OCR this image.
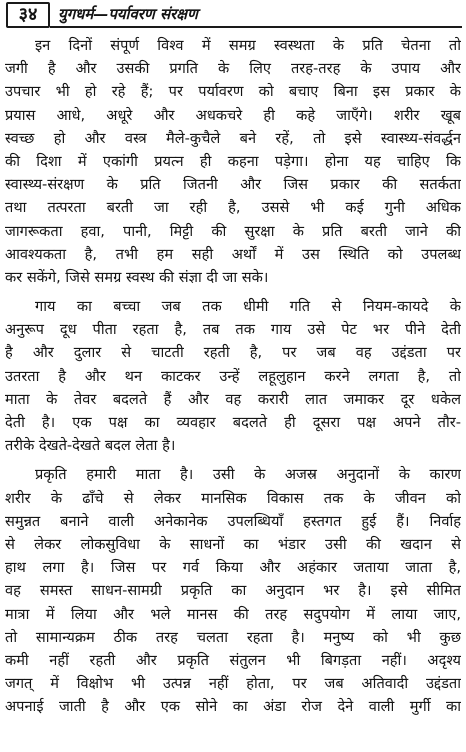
३४	युगधर्म—पर्यावरण संरक्षण
इन दिनों संपूर्ण विश्व में समग्र स्वस्थता के प्रति चेतना तो
जगी है और उसकी प्रगति के लिए तरह-तरह के उपाय और
उपचार भी हो रहे हैं; पर पर्यावरण को बचाए बिना इस प्रकार के
प्रयास आधे, अधूरे और अधकचरे ही कहे जाएँगे। शरीर खूब
स्वच्छ हो और वस्त्र मैले-कुचैले बने रहें, तो इसे स्वास्थ्य-संवर्द्धन
की दिशा में एकांगी प्रयत्न ही कहना पड़ेगा। होना यह चाहिए कि
स्वास्थ्य-संरक्षण के प्रति जितनी और जिस प्रकार की सतर्कता
तथा तत्परता बरती जा रही है, उससे भी कई गुनी अधिक
जागरूकता हवा, पानी, मिट्टी की सुरक्षा के प्रति बरती जाने की
आवश्यकता है, तभी हम सही अर्थों में उस स्थिति को उपलब्ध
कर सकेंगे, जिसे समग्र स्वस्थ की संज्ञा दी जा सके।
गाय का बच्चा जब तक धीमी गति से नियम-कायदे के
अनुरूप दूध पीता रहता है, तब तक गाय उसे पेट भर पीने देती
है और दुलार से चाटती रहती है, पर जब वह उद्दंडता पर
उतरता है और थन काटकर उन्हें लहूलुहान करने लगता है, तो
माता के तेवर बदलते हैं और वह करारी लात जमाकर दूर धकेल
देती है। एक पक्ष का व्यवहार बदलते ही दूसरा पक्ष अपने तौर-
तरीके देखते-देखते बदल लेता है।
प्रकृति हमारी माता है। उसी के अजस्र अनुदानों के कारण
शरीर के ढाँचे से लेकर मानसिक विकास तक के जीवन को
समुन्नत बनाने वाली अनेकानेक उपलब्धियाँ हस्तगत हुई हैं। निर्वाह
से लेकर लोकसुविधा के साधनों का भंडार उसी की खदान से
हाथ लगा है। जिस पर गर्व किया और अहंकार जताया जाता है,
वह समस्त साधन-सामग्री प्रकृति का अनुदान भर है। इसे सीमित
मात्रा में लिया और भले मानस की तरह सदुपयोग में लाया जाए,
तो सामान्यक्रम ठीक तरह चलता रहता है। मनुष्य को भी कुछ
कमी नहीं रहती और प्रकृति संतुलन भी बिगड़ता नहीं। अदृश्य
जगत् में विक्षोभ भी उत्पन्न नहीं होता, पर जब अतिवादी उद्दंडता
अपनाई जाती है और एक सोने का अंडा रोज देने वाली मुर्गी का
